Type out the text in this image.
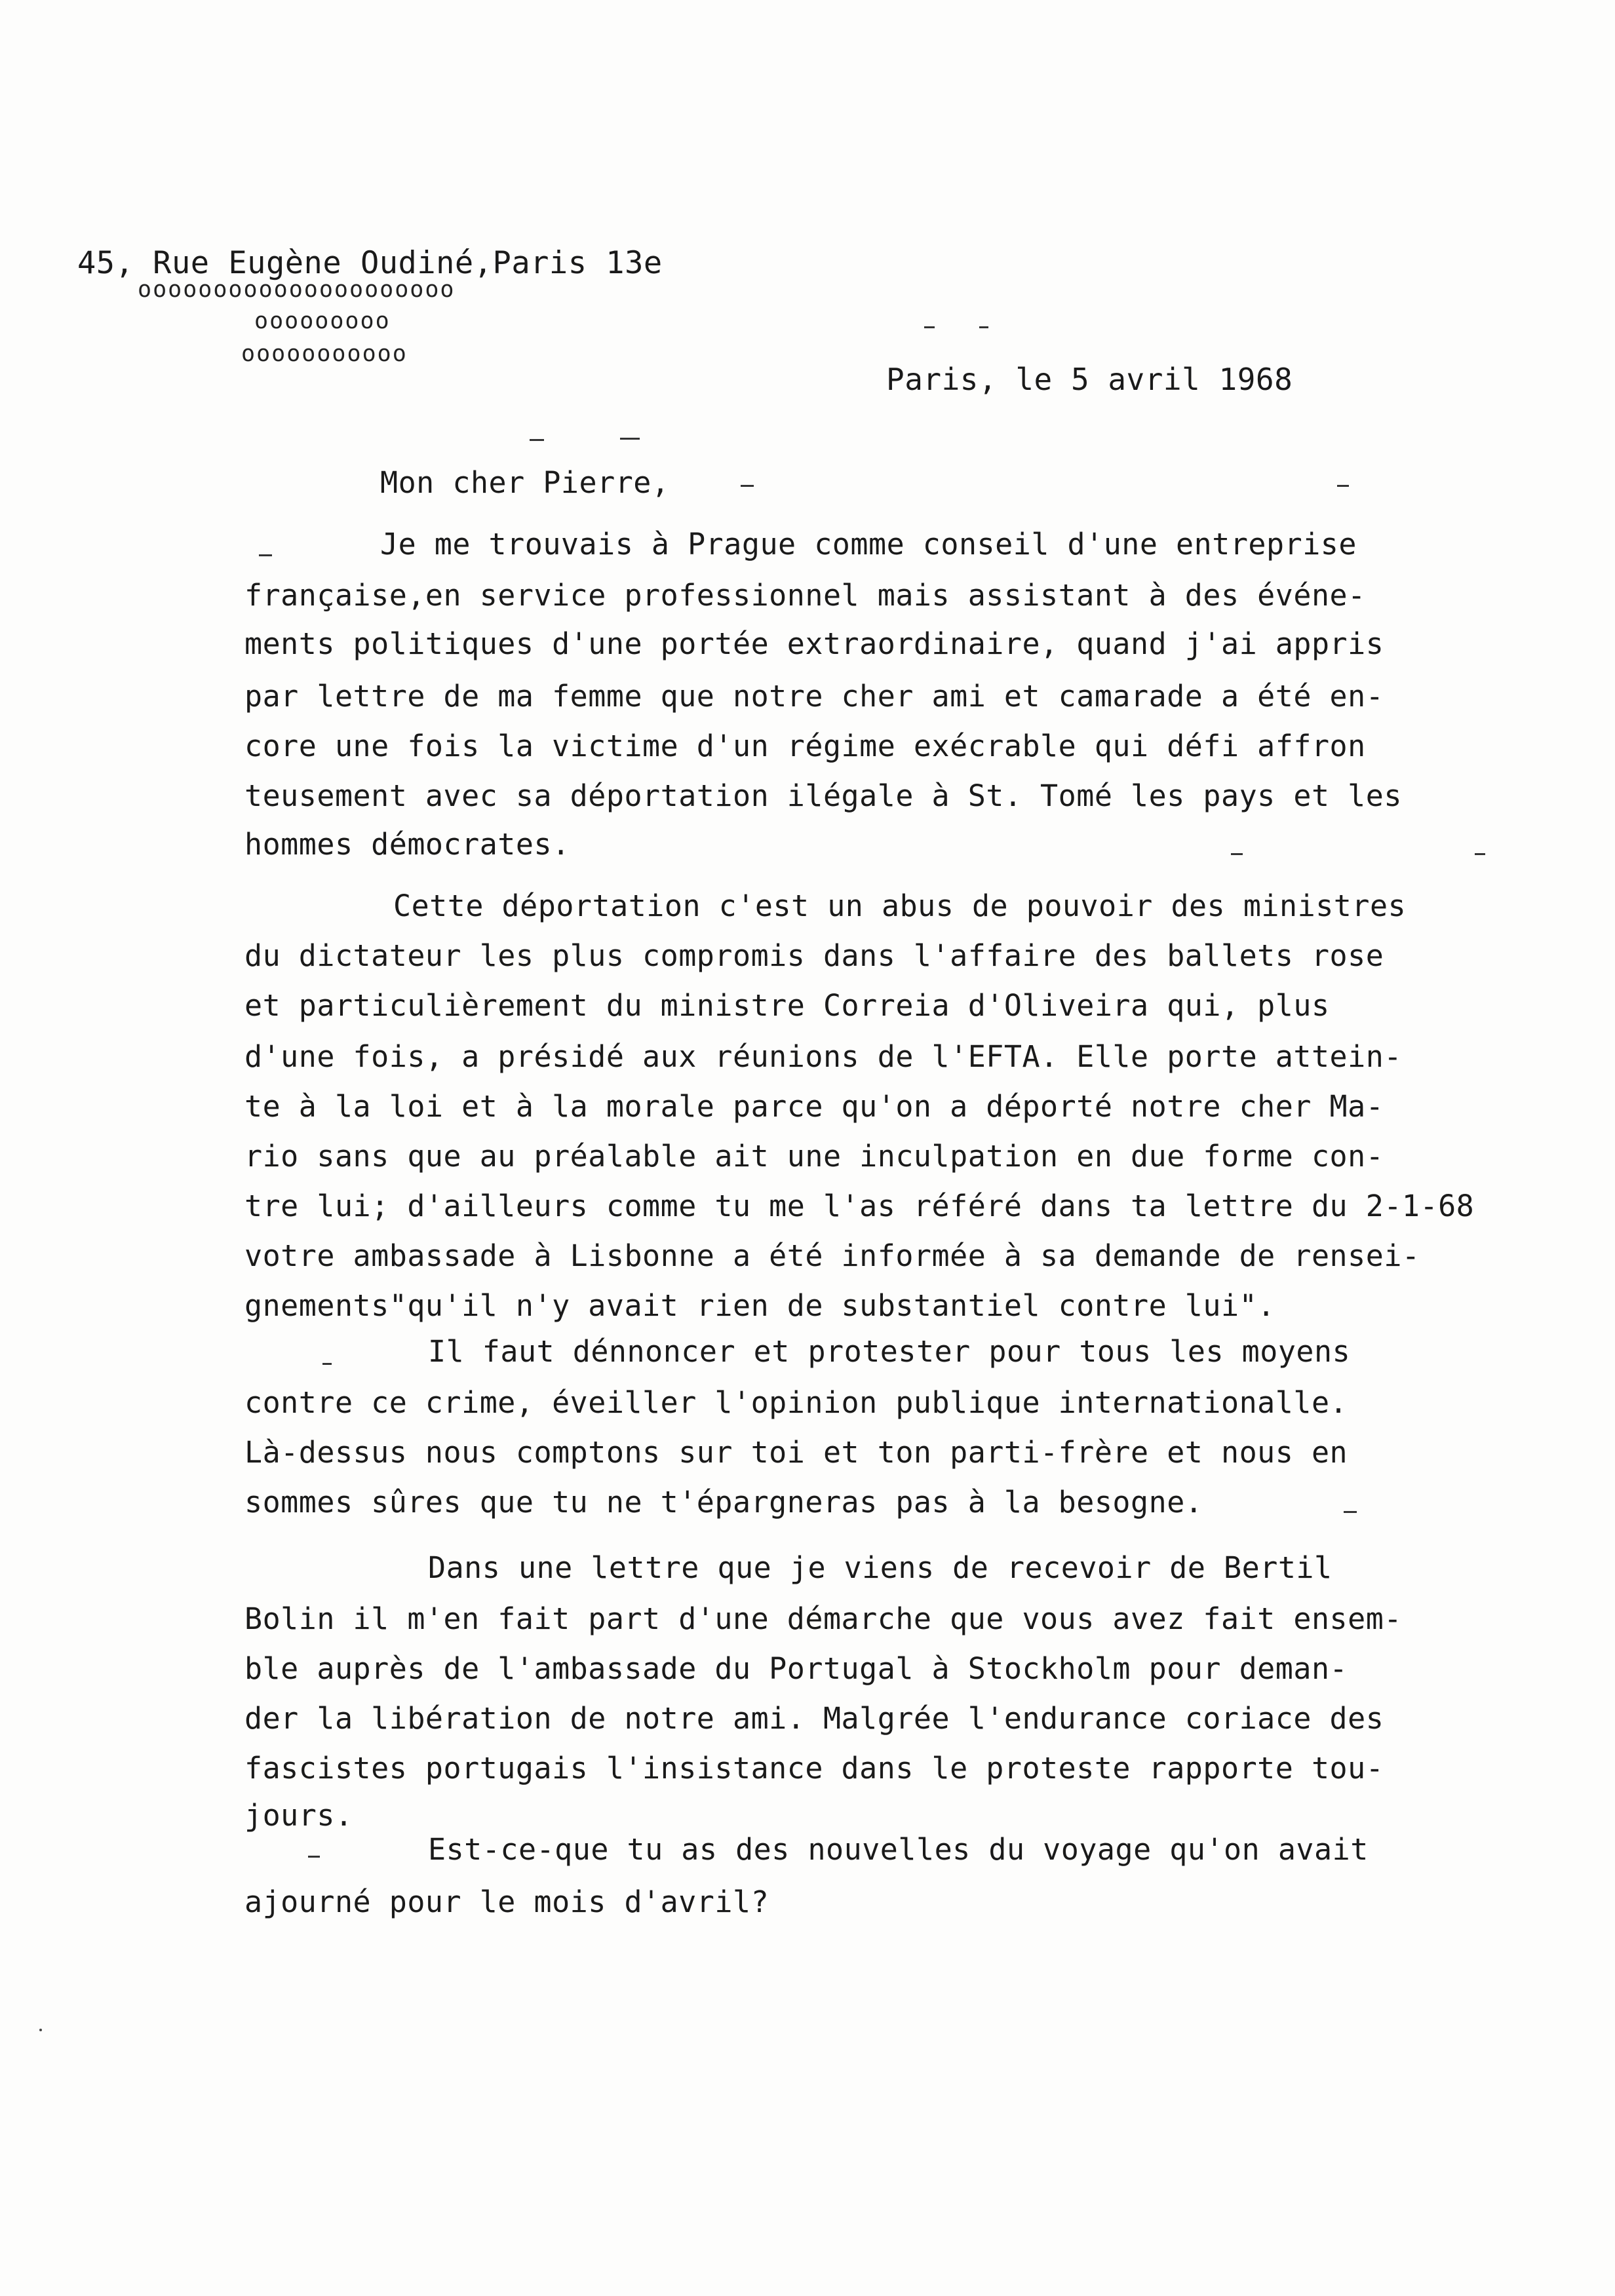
45, Rue Eugène Oudiné,Paris 13e
ooooooooooooooooooooo
ooooooooo
ooooooooooo
Paris, le 5 avril 1968
Mon cher Pierre,
Je me trouvais à Prague comme conseil d'une entreprise
française,en service professionnel mais assistant à des événe-
ments politiques d'une portée extraordinaire, quand j'ai appris
par lettre de ma femme que notre cher ami et camarade a été en-
core une fois la victime d'un régime exécrable qui défi affron
teusement avec sa déportation ilégale à St. Tomé les pays et les
hommes démocrates.
Cette déportation c'est un abus de pouvoir des ministres
du dictateur les plus compromis dans l'affaire des ballets rose
et particulièrement du ministre Correia d'Oliveira qui, plus
d'une fois, a présidé aux réunions de l'EFTA. Elle porte attein-
te à la loi et à la morale parce qu'on a déporté notre cher Ma-
rio sans que au préalable ait une inculpation en due forme con-
tre lui; d'ailleurs comme tu me l'as référé dans ta lettre du 2-1-68
votre ambassade à Lisbonne a été informée à sa demande de rensei-
gnements"qu'il n'y avait rien de substantiel contre lui".
Il faut dénnoncer et protester pour tous les moyens
contre ce crime, éveiller l'opinion publique internationalle.
Là-dessus nous comptons sur toi et ton parti-frère et nous en
sommes sûres que tu ne t'épargneras pas à la besogne.
Dans une lettre que je viens de recevoir de Bertil
Bolin il m'en fait part d'une démarche que vous avez fait ensem-
ble auprès de l'ambassade du Portugal à Stockholm pour deman-
der la libération de notre ami. Malgrée l'endurance coriace des
fascistes portugais l'insistance dans le proteste rapporte tou-
jours.
Est-ce-que tu as des nouvelles du voyage qu'on avait
ajourné pour le mois d'avril?
